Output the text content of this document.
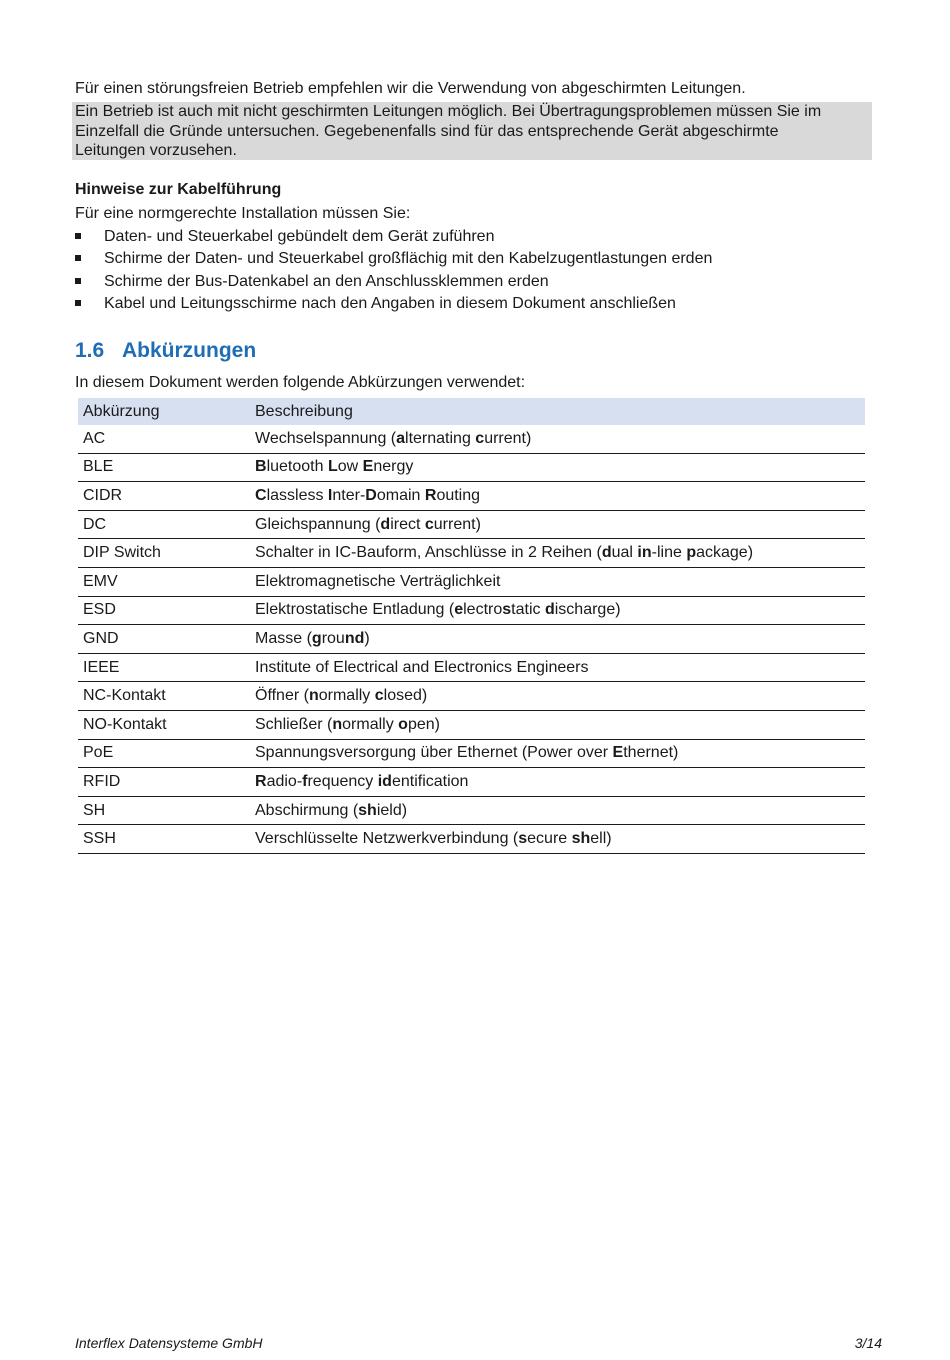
Für einen störungsfreien Betrieb empfehlen wir die Verwendung von abgeschirmten Leitungen.
Ein Betrieb ist auch mit nicht geschirmten Leitungen möglich. Bei Übertragungsproblemen müssen Sie im
Einzelfall die Gründe untersuchen. Gegebenenfalls sind für das entsprechende Gerät abgeschirmte
Leitungen vorzusehen.
Hinweise zur Kabelführung
Für eine normgerechte Installation müssen Sie:
Daten- und Steuerkabel gebündelt dem Gerät zuführen
Schirme der Daten- und Steuerkabel großflächig mit den Kabelzugentlastungen erden
Schirme der Bus-Datenkabel an den Anschlussklemmen erden
Kabel und Leitungsschirme nach den Angaben in diesem Dokument anschließen
1.6 Abkürzungen
In diesem Dokument werden folgende Abkürzungen verwendet:
Abkürzung	Beschreibung
AC	Wechselspannung (alternating current)
BLE	Bluetooth Low Energy
CIDR	Classless Inter-Domain Routing
DC	Gleichspannung (direct current)
DIP Switch	Schalter in IC-Bauform, Anschlüsse in 2 Reihen (dual in-line package)
EMV	Elektromagnetische Verträglichkeit
ESD	Elektrostatische Entladung (electrostatic discharge)
GND	Masse (ground)
IEEE	Institute of Electrical and Electronics Engineers
NC-Kontakt	Öffner (normally closed)
NO-Kontakt	Schließer (normally open)
PoE	Spannungsversorgung über Ethernet (Power over Ethernet)
RFID	Radio-frequency identification
SH	Abschirmung (shield)
SSH	Verschlüsselte Netzwerkverbindung (secure shell)
Interflex Datensysteme GmbH	3/14
